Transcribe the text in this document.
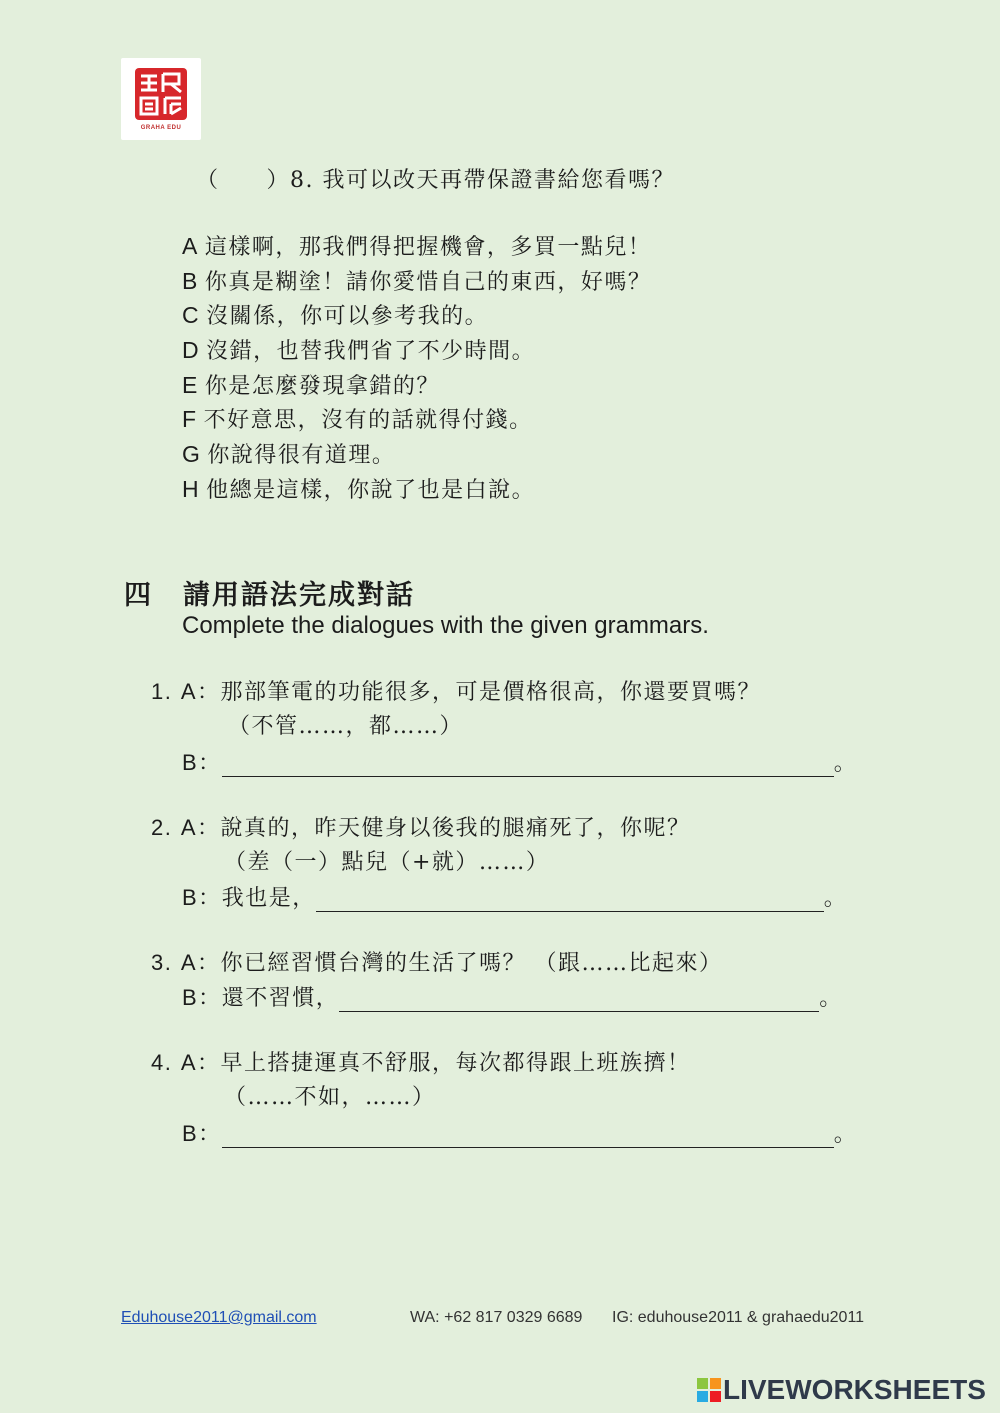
GRAHA EDU
（　　）8. 我可以改天再帶保證書給您看嗎？
A 這樣啊，那我們得把握機會，多買一點兒！
B 你真是糊塗！請你愛惜自己的東西，好嗎？
C 沒關係，你可以參考我的。
D 沒錯，也替我們省了不少時間。
E 你是怎麼發現拿錯的？
F 不好意思，沒有的話就得付錢。
G 你說得很有道理。
H 他總是這樣，你說了也是白說。
四 請用語法完成對話
Complete the dialogues with the given grammars.
1. A：那部筆電的功能很多，可是價格很高，你還要買嗎？
（不管……，都……）
B：	。
2. A：說真的，昨天健身以後我的腿痛死了，你呢？
（差（一）點兒（+就）……）
B：我也是，	。
3. A：你已經習慣台灣的生活了嗎？ （跟……比起來）
B：還不習慣，	。
4. A：早上搭捷運真不舒服，每次都得跟上班族擠！
（……不如，……）
B：	。
Eduhouse2011@gmail.com	WA: +62 817 0329 6689 IG: eduhouse2011 & grahaedu2011
LIVEWORKSHEETS
